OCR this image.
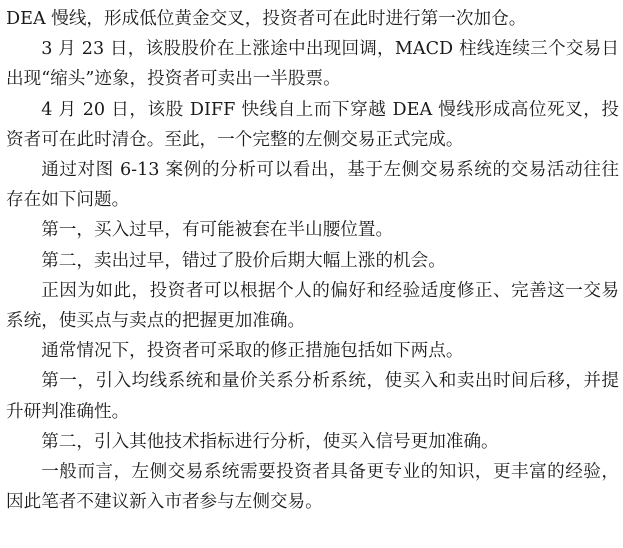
DEA 慢线，形成低位黄金交叉，投资者可在此时进行第一次加仓。

3 月 23 日，该股股价在上涨途中出现回调，MACD 柱线连续三个交易日出现“缩头”迹象，投资者可卖出一半股票。

4 月 20 日，该股 DIFF 快线自上而下穿越 DEA 慢线形成高位死叉，投资者可在此时清仓。至此，一个完整的左侧交易正式完成。

通过对图 6-13 案例的分析可以看出，基于左侧交易系统的交易活动往往存在如下问题。

第一，买入过早，有可能被套在半山腰位置。

第二，卖出过早，错过了股价后期大幅上涨的机会。

正因为如此，投资者可以根据个人的偏好和经验适度修正、完善这一交易系统，使买点与卖点的把握更加准确。

通常情况下，投资者可采取的修正措施包括如下两点。

第一，引入均线系统和量价关系分析系统，使买入和卖出时间后移，并提升研判准确性。

第二，引入其他技术指标进行分析，使买入信号更加准确。

一般而言，左侧交易系统需要投资者具备更专业的知识，更丰富的经验，因此笔者不建议新入市者参与左侧交易。
